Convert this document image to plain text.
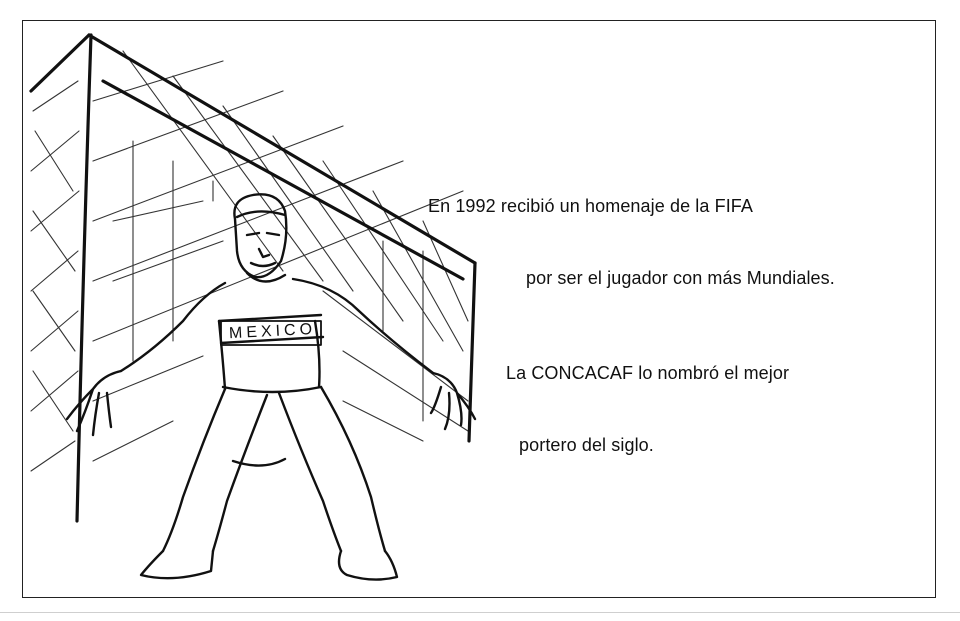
MEXICO
En 1992 recibió un homenaje de la FIFA
por ser el jugador con más Mundiales.
La CONCACAF lo nombró el mejor
portero del siglo.
